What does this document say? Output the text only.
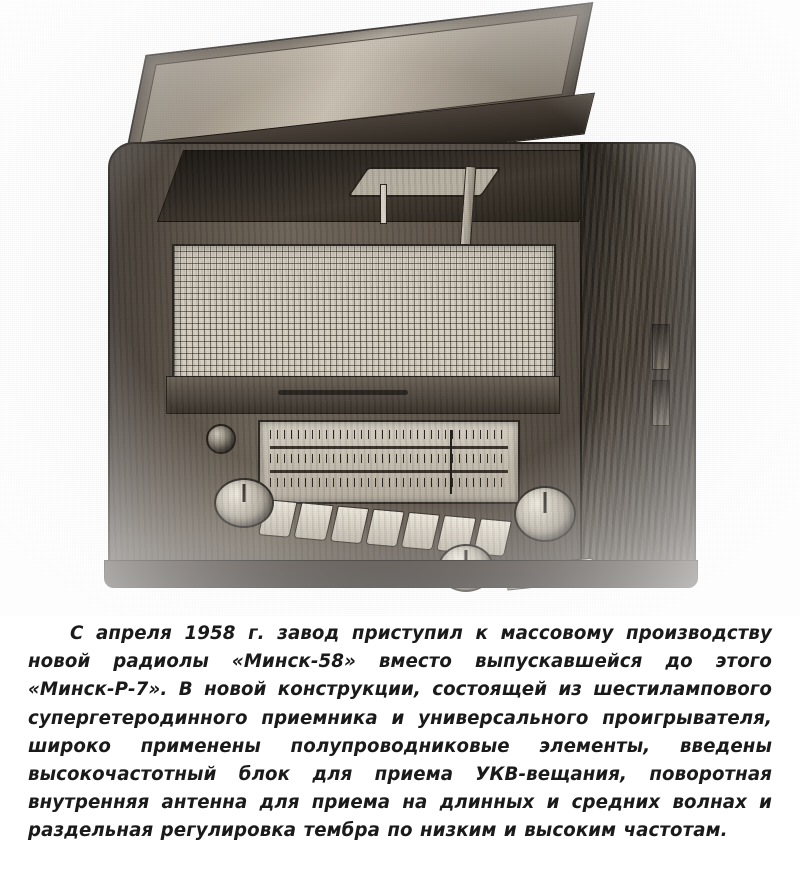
С апреля 1958 г. завод приступил к массовому производству новой радиолы «Минск-58» вместо выпускавшейся до этого «Минск-Р-7». В новой конструкции, состоящей из шестилампового супергетеродинного приемника и универсального проигрывателя, широко применены полупроводниковые элементы, введены высокочастотный блок для приема УКВ-вещания, поворотная внутренняя антенна для приема на длинных и средних волнах и раздельная регулировка тембра по низким и высоким частотам.
